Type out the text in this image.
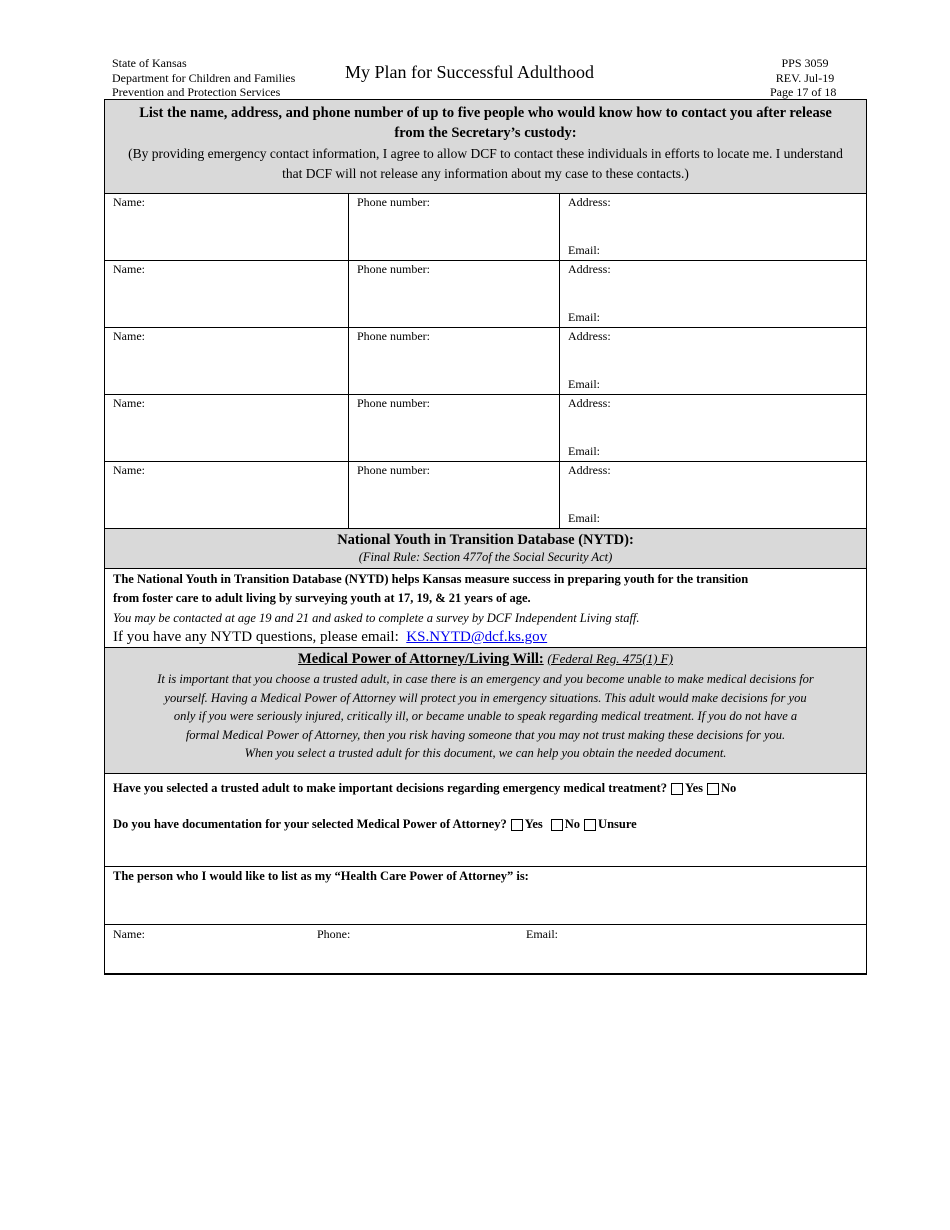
State of Kansas
Department for Children and Families
Prevention and Protection Services
My Plan for Successful Adulthood	PPS 3059
REV. Jul-19
Page 17 of 18
List the name, address, and phone number of up to five people who would know how to contact you after release
from the Secretary’s custody:
(By providing emergency contact information, I agree to allow DCF to contact these individuals in efforts to locate me. I understand
that DCF will not release any information about my case to these contacts.)
Name:	Phone number:	Address:
Email:
Name:	Phone number:	Address:
Email:
Name:	Phone number:	Address:
Email:
Name:	Phone number:	Address:
Email:
Name:	Phone number:	Address:
Email:
National Youth in Transition Database (NYTD):
(Final Rule: Section 477of the Social Security Act)
The National Youth in Transition Database (NYTD) helps Kansas measure success in preparing youth for the transition
from foster care to adult living by surveying youth at 17, 19, & 21 years of age.
You may be contacted at age 19 and 21 and asked to complete a survey by DCF Independent Living staff.
If you have any NYTD questions, please email: KS.NYTD@dcf.ks.gov
Medical Power of Attorney/Living Will: (Federal Reg. 475(1) F)
It is important that you choose a trusted adult, in case there is an emergency and you become unable to make medical decisions for
yourself. Having a Medical Power of Attorney will protect you in emergency situations. This adult would make decisions for you
only if you were seriously injured, critically ill, or became unable to speak regarding medical treatment. If you do not have a
formal Medical Power of Attorney, then you risk having someone that you may not trust making these decisions for you.
When you select a trusted adult for this document, we can help you obtain the needed document.
Have you selected a trusted adult to make important decisions regarding emergency medical treatment? Yes No
Do you have documentation for your selected Medical Power of Attorney? Yes No Unsure
The person who I would like to list as my “Health Care Power of Attorney” is:
Name:	Phone:	Email:
